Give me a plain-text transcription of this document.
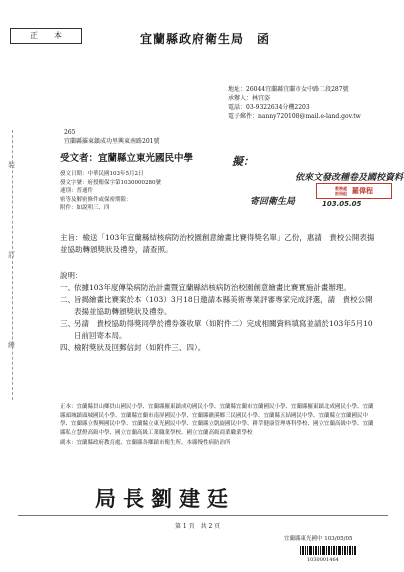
正　　本	宜蘭縣政府衛生局　函
地址：26044宜蘭縣宜蘭市女中路二段287號
承辦人：林宜姿
電話：03-9322634分機2203
電子郵件：nanny720108@mail.e-land.gov.tw
265
宜蘭縣羅東鎮成功里興東南路201號
受文者：宜蘭縣立東光國民中學
發文日期：中華民國103年5月2日
發文字號：府授衛保字第1030000280號
速別：普通件
密等及解密條件或保密期限：
附件：如說明三、四
擬：
依來文發改種卷及國校資料
寄回衛生局	103.05.05
教務處 註冊組 羅偉程
裝
訂
線
主旨：檢送「103年宜蘭縣結核病防治校園創意繪畫比賽得獎名單」乙份，惠請　貴校公開表揚並協助轉頒獎狀及禮券，請查照。
說明：
一、 依據103年度傳染病防治計畫暨宜蘭縣結核病防治校園創意繪畫比賽實施計畫辦理。
二、 旨揭繪畫比賽案於本（103）3月18日邀請本縣美術專業評審專家完成評選，請　貴校公開表揚並協助轉頒獎狀及禮券。
三、 另請　貴校協助得獎同學於禮券簽收單（如附件二）完成相關資料填寫並請於103年5月10日前回寄本局。
四、 檢附獎狀及回郵信封（如附件三、四）。
正本：宜蘭縣員山鄉員山國民小學、宜蘭縣羅東鎮成功國民小學、宜蘭縣宜蘭市宜蘭國民小學、宜蘭縣羅東鎮北成國民小學、宜蘭縣頭城鎮頭城國民小學、宜蘭縣宜蘭市南屏國民小學、宜蘭縣礁溪鄉三民國民小學、宜蘭縣五結國民中學、宜蘭縣立宜蘭國民中學、宜蘭縣立復興國民中學、宜蘭縣立東光國民中學、宜蘭縣立凱旋國民中學、耕莘健康管理專科學校、國立宜蘭高級中學、宜蘭縣私立慧燈高級中學、國立宜蘭高級工業職業學校、國立宜蘭高級商業職業學校
副本：宜蘭縣政府教育處、宜蘭縣各鄉鎮市衛生所、本縣慢性病防治所
局長劉建廷
第 1 頁　共 2 頁
宜蘭縣東光國中 103/05/05
1030001464
